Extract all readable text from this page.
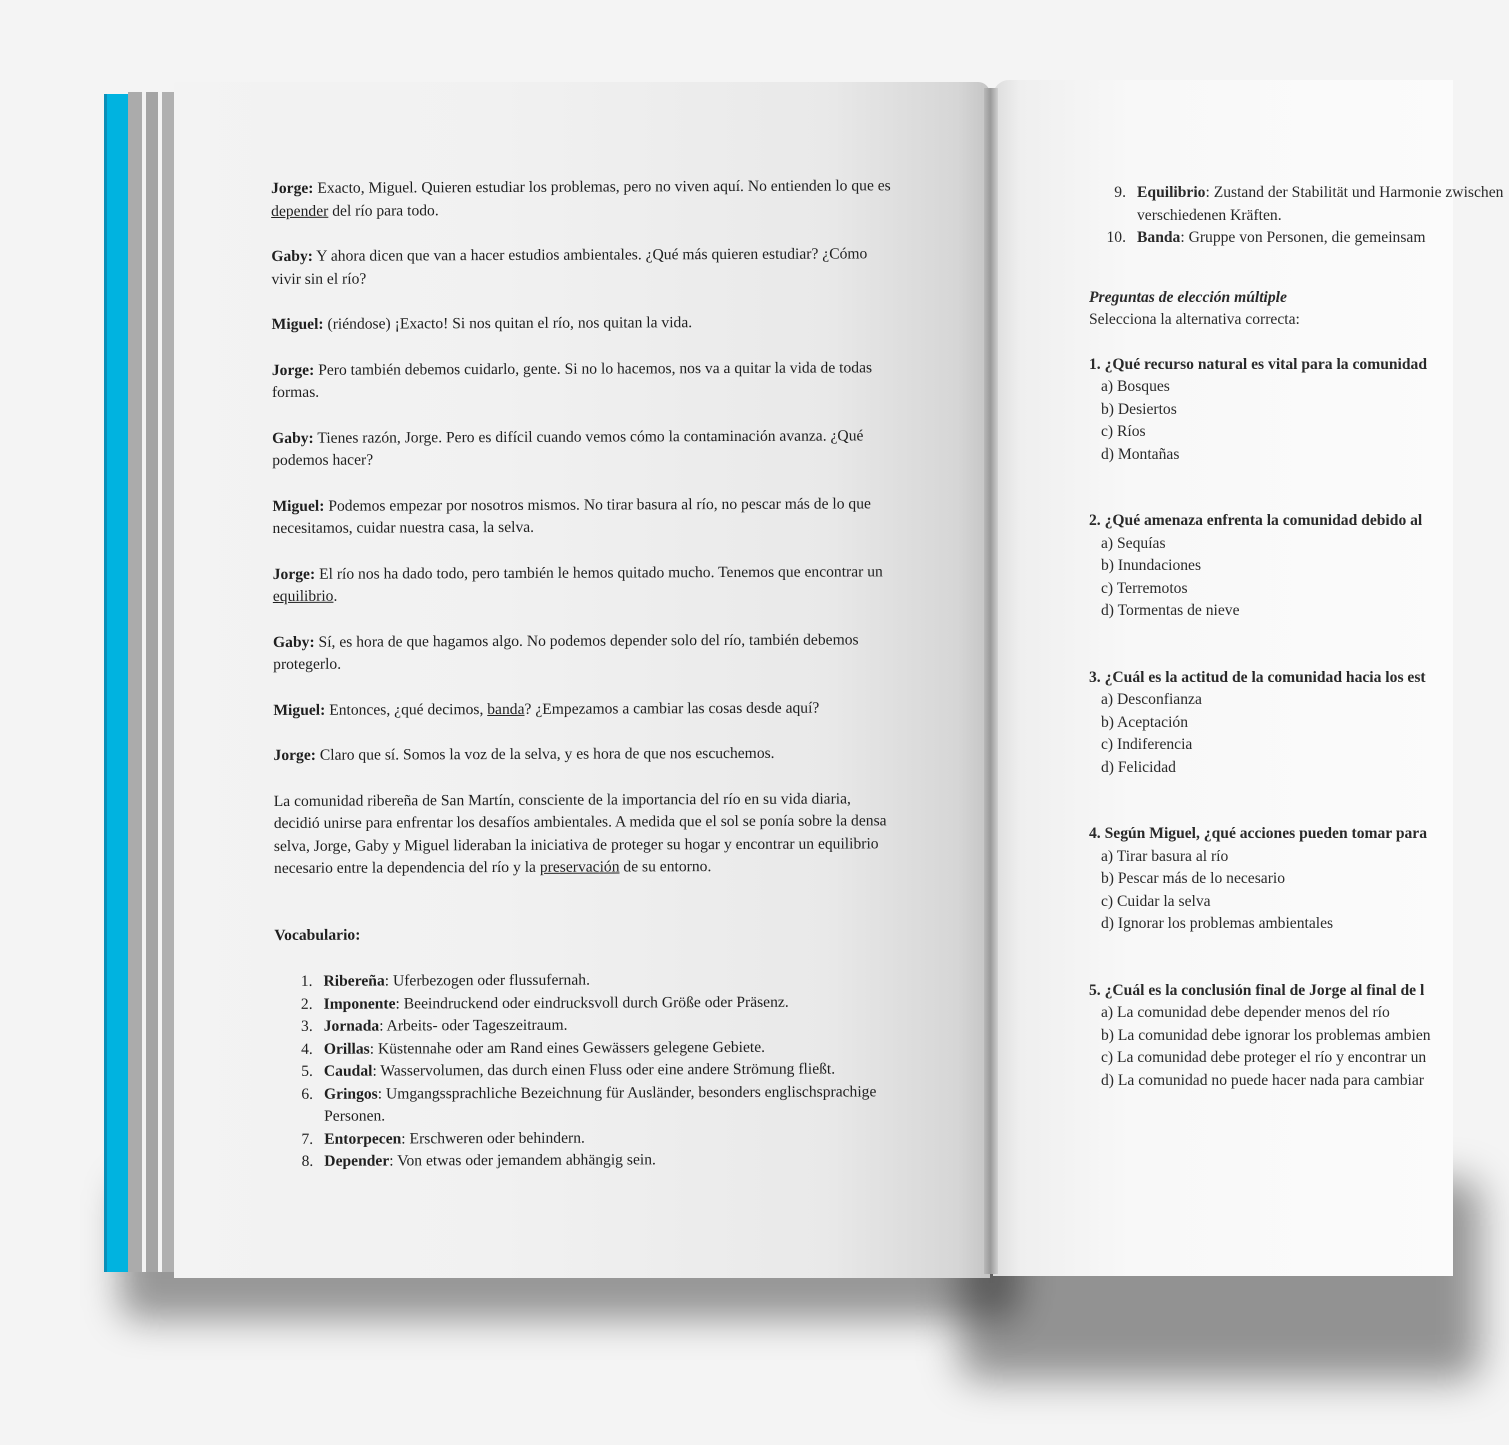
Jorge: Exacto, Miguel. Quieren estudiar los problemas, pero no viven aquí. No entienden lo que es depender del río para todo.

Gaby: Y ahora dicen que van a hacer estudios ambientales. ¿Qué más quieren estudiar? ¿Cómo vivir sin el río?

Miguel: (riéndose) ¡Exacto! Si nos quitan el río, nos quitan la vida.

Jorge: Pero también debemos cuidarlo, gente. Si no lo hacemos, nos va a quitar la vida de todas formas.

Gaby: Tienes razón, Jorge. Pero es difícil cuando vemos cómo la contaminación avanza. ¿Qué podemos hacer?

Miguel: Podemos empezar por nosotros mismos. No tirar basura al río, no pescar más de lo que necesitamos, cuidar nuestra casa, la selva.

Jorge: El río nos ha dado todo, pero también le hemos quitado mucho. Tenemos que encontrar un equilibrio.

Gaby: Sí, es hora de que hagamos algo. No podemos depender solo del río, también debemos protegerlo.

Miguel: Entonces, ¿qué decimos, banda? ¿Empezamos a cambiar las cosas desde aquí?

Jorge: Claro que sí. Somos la voz de la selva, y es hora de que nos escuchemos.

La comunidad ribereña de San Martín, consciente de la importancia del río en su vida diaria, decidió unirse para enfrentar los desafíos ambientales. A medida que el sol se ponía sobre la densa selva, Jorge, Gaby y Miguel lideraban la iniciativa de proteger su hogar y encontrar un equilibrio necesario entre la dependencia del río y la preservación de su entorno.

Vocabulario:
1. Ribereña: Uferbezogen oder flussufernah.
2. Imponente: Beeindruckend oder eindrucksvoll durch Größe oder Präsenz.
3. Jornada: Arbeits- oder Tageszeitraum.
4. Orillas: Küstennahe oder am Rand eines Gewässers gelegene Gebiete.
5. Caudal: Wasservolumen, das durch einen Fluss oder eine andere Strömung fließt.
6. Gringos: Umgangssprachliche Bezeichnung für Ausländer, besonders englischsprachige Personen.
7. Entorpecen: Erschweren oder behindern.
8. Depender: Von etwas oder jemandem abhängig sein.
9. Equilibrio: Zustand der Stabilität und Harmonie zwischen verschiedenen Kräften.
10. Banda: Gruppe von Personen, die gemeinsam
Preguntas de elección múltiple
Selecciona la alternativa correcta:
1. ¿Qué recurso natural es vital para la comunidad
a) Bosques
b) Desiertos
c) Ríos
d) Montañas
2. ¿Qué amenaza enfrenta la comunidad debido al
a) Sequías
b) Inundaciones
c) Terremotos
d) Tormentas de nieve
3. ¿Cuál es la actitud de la comunidad hacia los est
a) Desconfianza
b) Aceptación
c) Indiferencia
d) Felicidad
4. Según Miguel, ¿qué acciones pueden tomar para
a) Tirar basura al río
b) Pescar más de lo necesario
c) Cuidar la selva
d) Ignorar los problemas ambientales
5. ¿Cuál es la conclusión final de Jorge al final de l
a) La comunidad debe depender menos del río
b) La comunidad debe ignorar los problemas ambien
c) La comunidad debe proteger el río y encontrar un
d) La comunidad no puede hacer nada para cambiar
